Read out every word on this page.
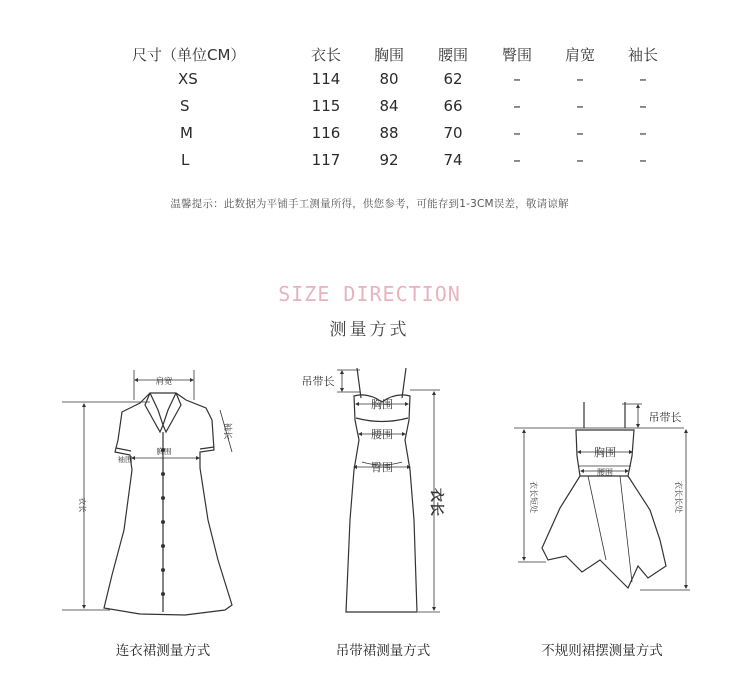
尺寸（单位CM）	衣长 胸围 腰围 臀围 肩宽 袖长
XS	114	80	62	–	–	–
S	115	84	66	–	–	–
M	116	88	70	–	–	–
L	117	92	74	–	–	–
温馨提示：此数据为平铺手工测量所得，供您参考，可能存到1-3CM误差，敬请谅解
SIZE DIRECTION
测量方式
肩宽
袖长
袖围
胸围
衣长
吊带长
胸围
腰围
臀围
衣长
吊带长
胸围
腰围
衣长短处	衣长长处
连衣裙测量方式	吊带裙测量方式	不规则裙摆测量方式
